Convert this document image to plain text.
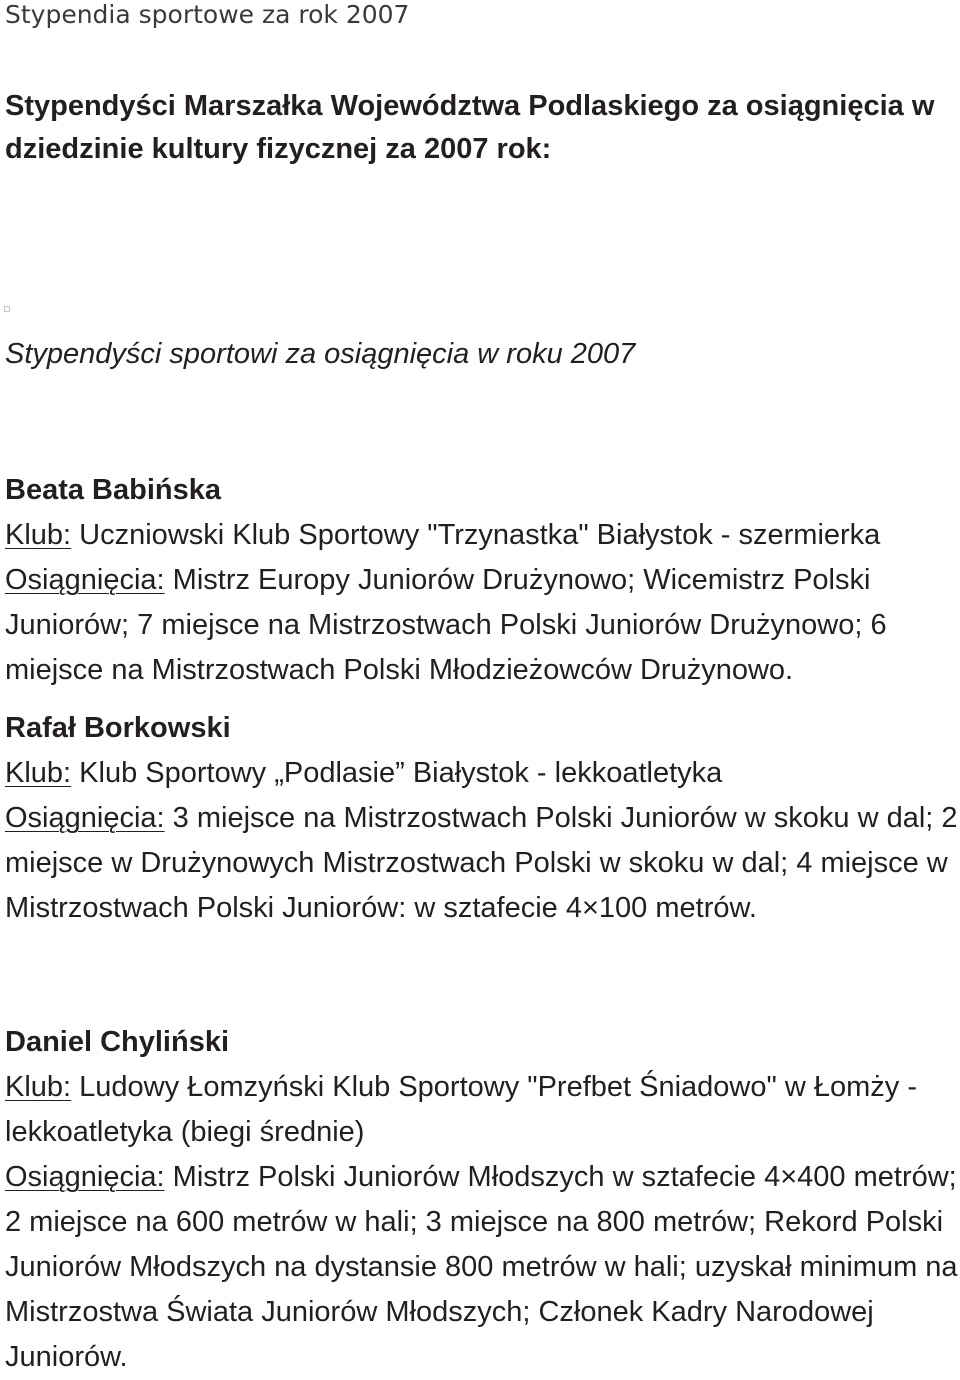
Stypendia sportowe za rok 2007
Stypendyści Marszałka Województwa Podlaskiego za osiągnięcia w dziedzinie kultury fizycznej za 2007 rok:
Stypendyści sportowi za osiągnięcia w roku 2007

Beata Babińska

Klub: Uczniowski Klub Sportowy "Trzynastka" Białystok - szermierka

Osiągnięcia: Mistrz Europy Juniorów Drużynowo; Wicemistrz Polski Juniorów; 7 miejsce na Mistrzostwach Polski Juniorów Drużynowo; 6 miejsce na Mistrzostwach Polski Młodzieżowców Drużynowo.

Rafał Borkowski

Klub: Klub Sportowy „Podlasie” Białystok - lekkoatletyka

Osiągnięcia: 3 miejsce na Mistrzostwach Polski Juniorów w skoku w dal; 2 miejsce w Drużynowych Mistrzostwach Polski w skoku w dal; 4 miejsce w Mistrzostwach Polski Juniorów: w sztafecie 4×100 metrów.

Daniel Chyliński

Klub: Ludowy Łomzyński Klub Sportowy "Prefbet Śniadowo" w Łomży - lekkoatletyka (biegi średnie)

Osiągnięcia: Mistrz Polski Juniorów Młodszych w sztafecie 4×400 metrów; 2 miejsce na 600 metrów w hali; 3 miejsce na 800 metrów; Rekord Polski Juniorów Młodszych na dystansie 800 metrów w hali; uzyskał minimum na Mistrzostwa Świata Juniorów Młodszych; Członek Kadry Narodowej Juniorów.
